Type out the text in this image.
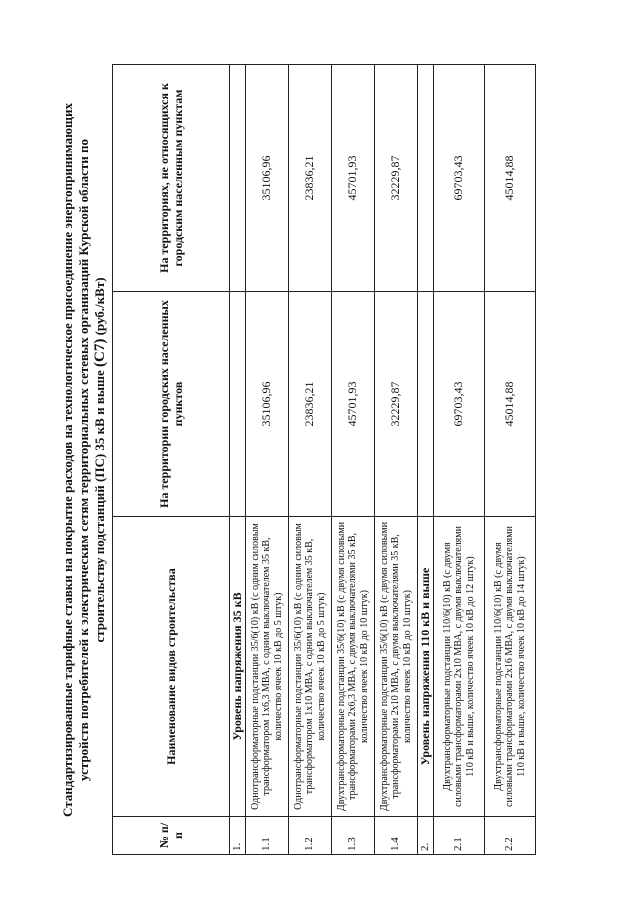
Стандартизированные тарифные ставки на покрытие расходов на технологическое присоединение энергопринимающих устройств потребителей к электрическим сетям территориальных сетевых организаций Курской области по строительству подстанций (ПС) 35 кВ и выше (С7) (руб./кВт)
№ п/п	Наименование видов строительства	На территории городских населенных пунктов	На территориях, не относящихся к городским населенным пунктам
1.	Уровень напряжения 35 кВ		
1.1	Однотрансформаторные подстанции 35/6(10) кВ (с одним силовым трансформатором 1х6,3 МВА, с одним выключателем 35 кВ, количество ячеек 10 кВ до 5 штук)	35106,96	35106,96
1.2	Однотрансформаторные подстанции 35/6(10) кВ (с одним силовым трансформатором 1х10 МВА, с одним выключателем 35 кВ, количество ячеек 10 кВ до 5 штук)	23836,21	23836,21
1.3	Двухтрансформаторные подстанции 35/6(10) кВ (с двумя силовыми трансформаторами 2х6,3 МВА, с двумя выключателями 35 кВ, количество ячеек 10 кВ до 10 штук)	45701,93	45701,93
1.4	Двухтрансформаторные подстанции 35/6(10) кВ (с двумя силовыми трансформаторами 2х10 МВА, с двумя выключателями 35 кВ, количество ячеек 10 кВ до 10 штук)	32229,87	32229,87
2.	Уровень напряжения 110 кВ и выше		
2.1	Двухтрансформаторные подстанции 110/6(10) кВ (с двумя силовыми трансформаторами 2х10 МВА, с двумя выключателями 110 кВ и выше, количество ячеек 10 кВ до 12 штук)	69703,43	69703,43
2.2	Двухтрансформаторные подстанции 110/6(10) кВ (с двумя силовыми трансформаторами 2х16 МВА, с двумя выключателями 110 кВ и выше, количество ячеек 10 кВ до 14 штук)	45014,88	45014,88
